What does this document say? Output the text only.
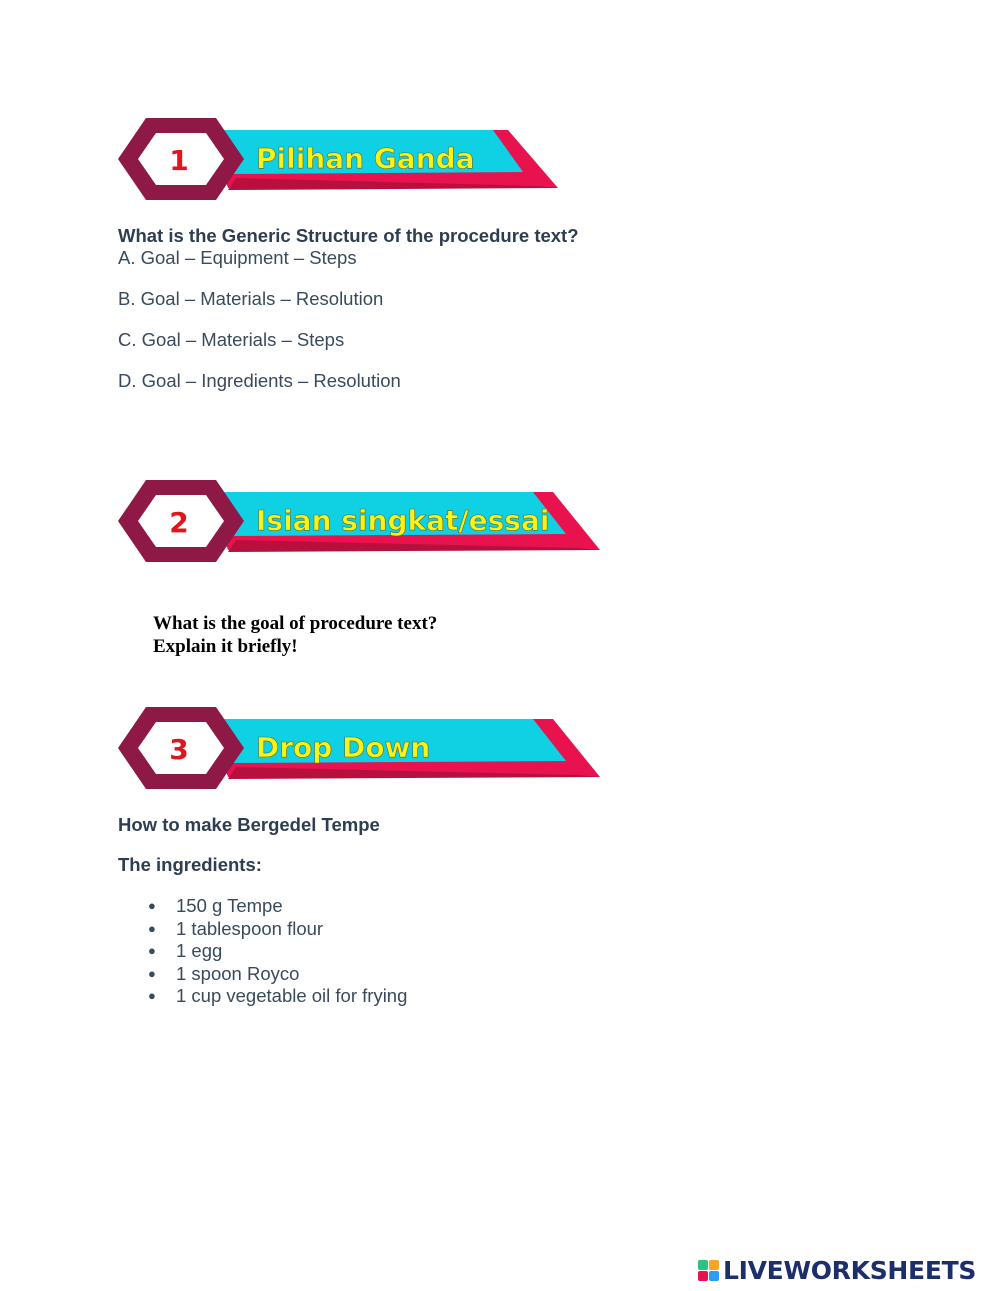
1 Pilihan Ganda
What is the Generic Structure of the procedure text?
A. Goal – Equipment – Steps
B. Goal – Materials – Resolution
C. Goal – Materials – Steps
D. Goal – Ingredients – Resolution
2 Isian singkat/essai
What is the goal of procedure text?
Explain it briefly!
3 Drop Down
How to make Bergedel Tempe
The ingredients:
● 150 g Tempe
● 1 tablespoon flour
● 1 egg
● 1 spoon Royco
● 1 cup vegetable oil for frying
LIVEWORKSHEETS
